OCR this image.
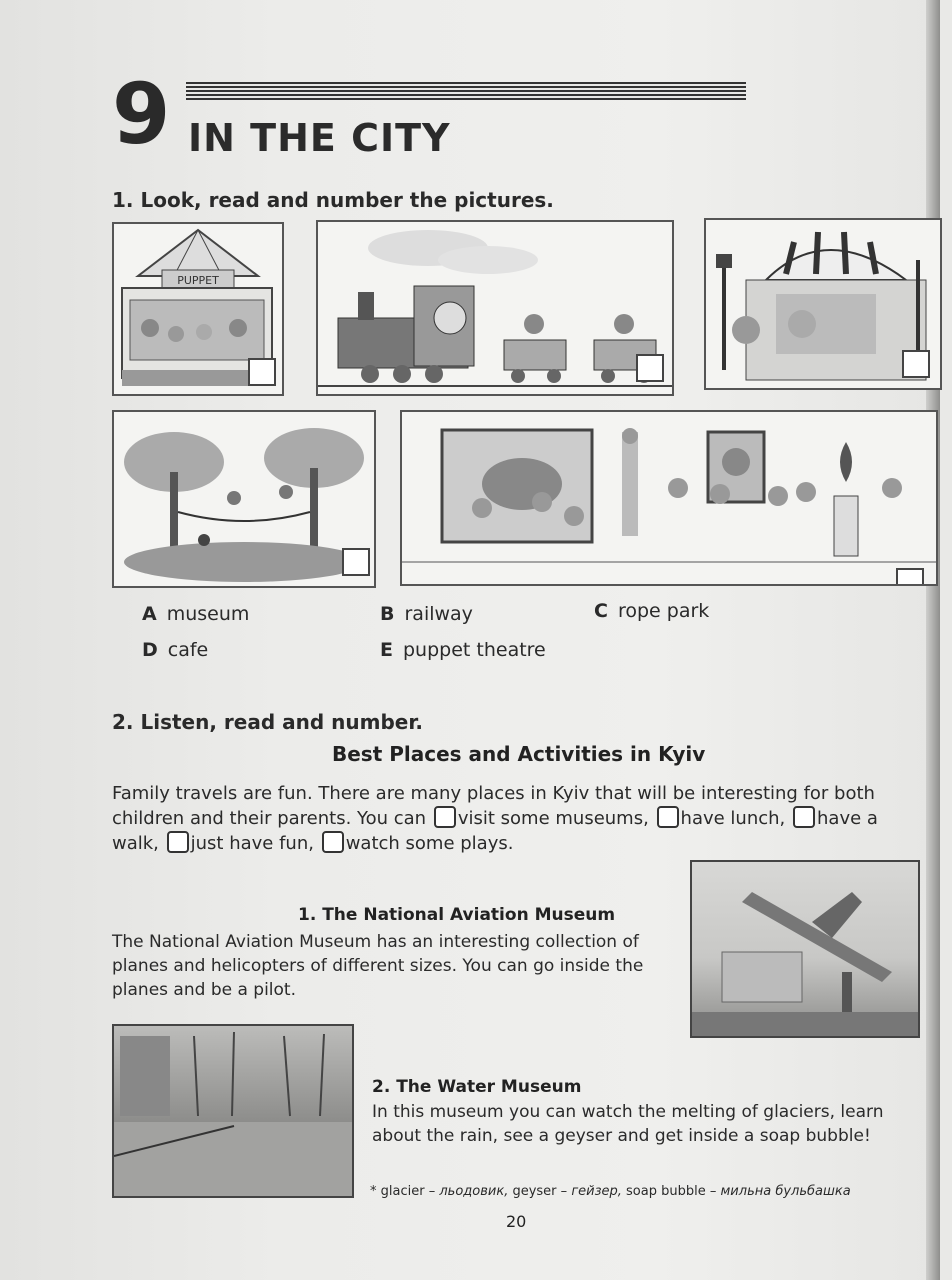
9 IN THE CITY
1. Look, read and number the pictures.
PUPPET
A museum	B railway	C rope park
D cafe	E puppet theatre
2. Listen, read and number.
Best Places and Activities in Kyiv
Family travels are fun. There are many places in Kyiv that will be interesting for both children and their parents. You can visit some museums, have lunch, have a walk, just have fun, watch some plays.
1. The National Aviation Museum
The National Aviation Museum has an interesting collection of planes and helicopters of different sizes. You can go inside the planes and be a pilot.
2. The Water Museum
In this museum you can watch the melting of glaciers, learn about the rain, see a geyser and get inside a soap bubble!
* glacier – льодовик, geyser – гейзер, soap bubble – мильна бульбашка
20
